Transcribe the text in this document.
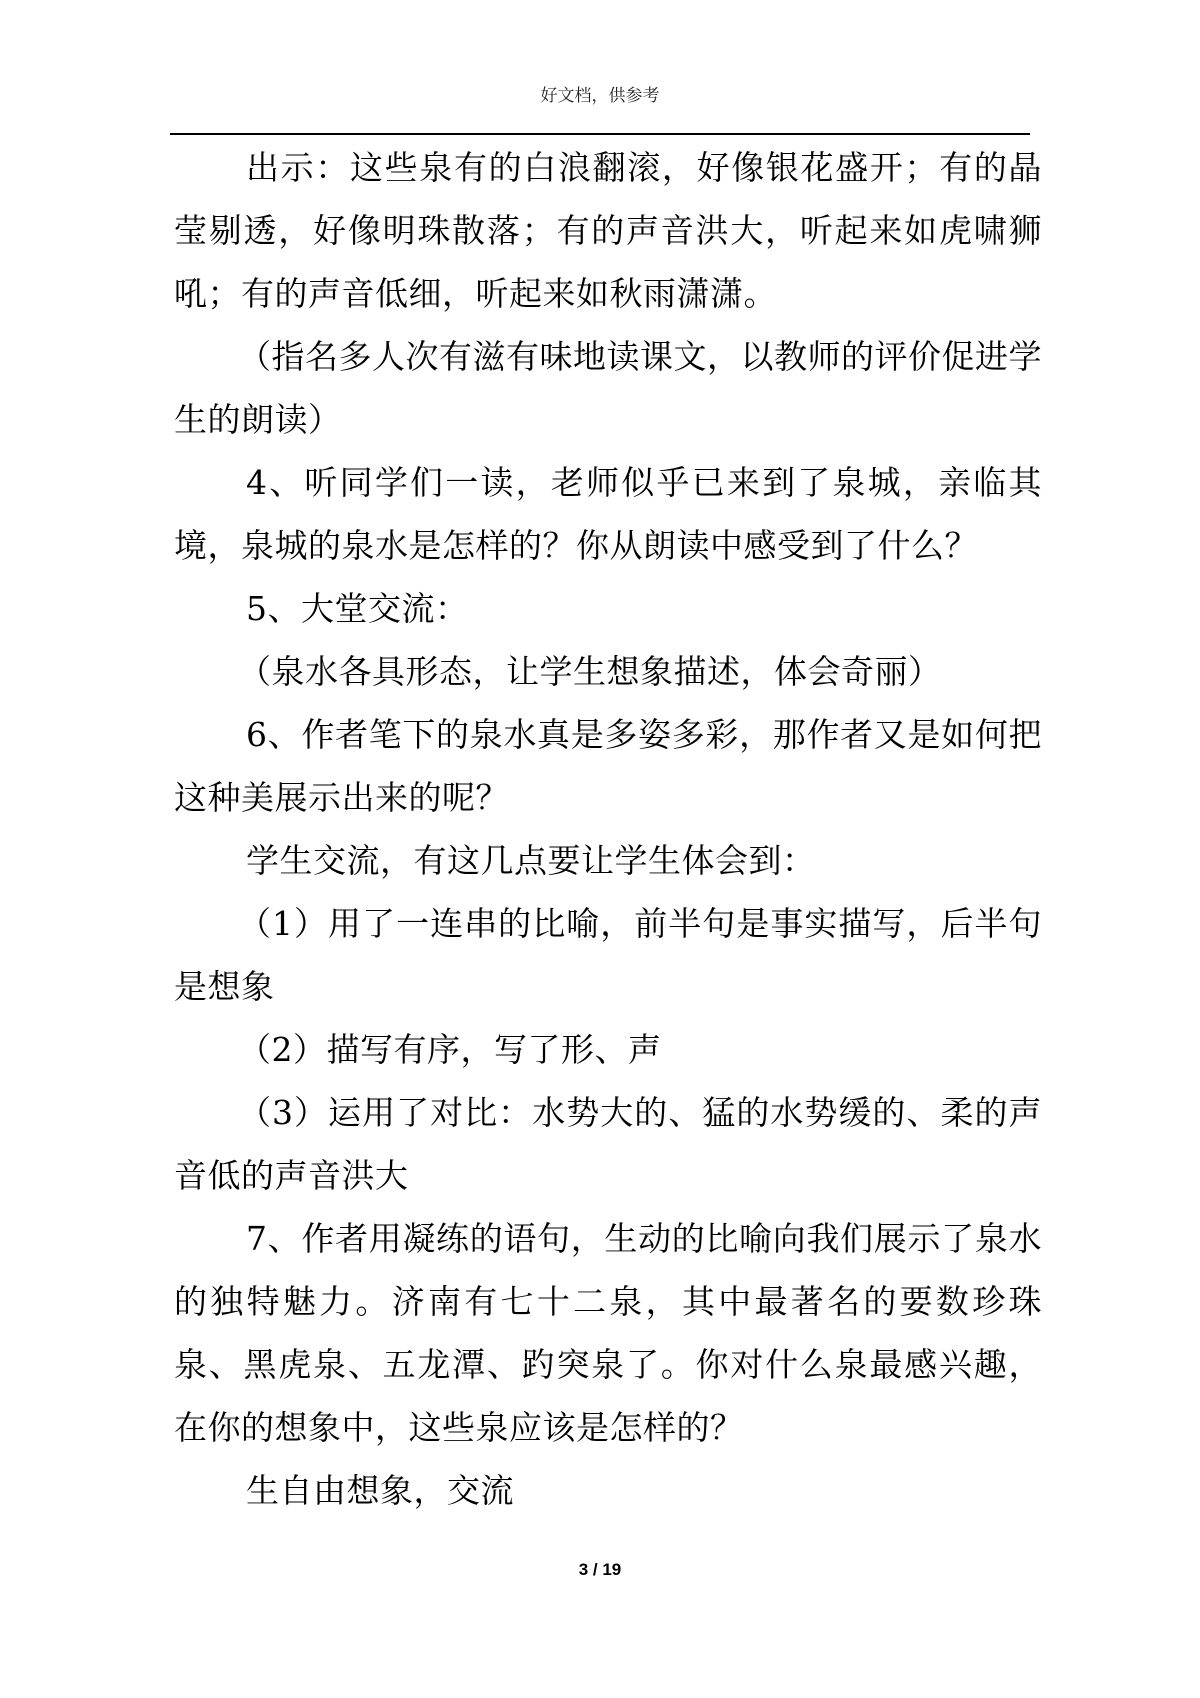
好文档，供参考

出示：这些泉有的白浪翻滚，好像银花盛开；有的晶莹剔透，好像明珠散落；有的声音洪大，听起来如虎啸狮吼；有的声音低细，听起来如秋雨潇潇。

（指名多人次有滋有味地读课文，以教师的评价促进学生的朗读）

4、听同学们一读，老师似乎已来到了泉城，亲临其境，泉城的泉水是怎样的？你从朗读中感受到了什么？

5、大堂交流：

（泉水各具形态，让学生想象描述，体会奇丽）

6、作者笔下的泉水真是多姿多彩，那作者又是如何把这种美展示出来的呢？

学生交流，有这几点要让学生体会到：

（1）用了一连串的比喻，前半句是事实描写，后半句是想象

（2）描写有序，写了形、声

（3）运用了对比：水势大的、猛的水势缓的、柔的声音低的声音洪大

7、作者用凝练的语句，生动的比喻向我们展示了泉水的独特魅力。济南有七十二泉，其中最著名的要数珍珠泉、黑虎泉、五龙潭、趵突泉了。你对什么泉最感兴趣，在你的想象中，这些泉应该是怎样的？

生自由想象，交流

3 / 19
